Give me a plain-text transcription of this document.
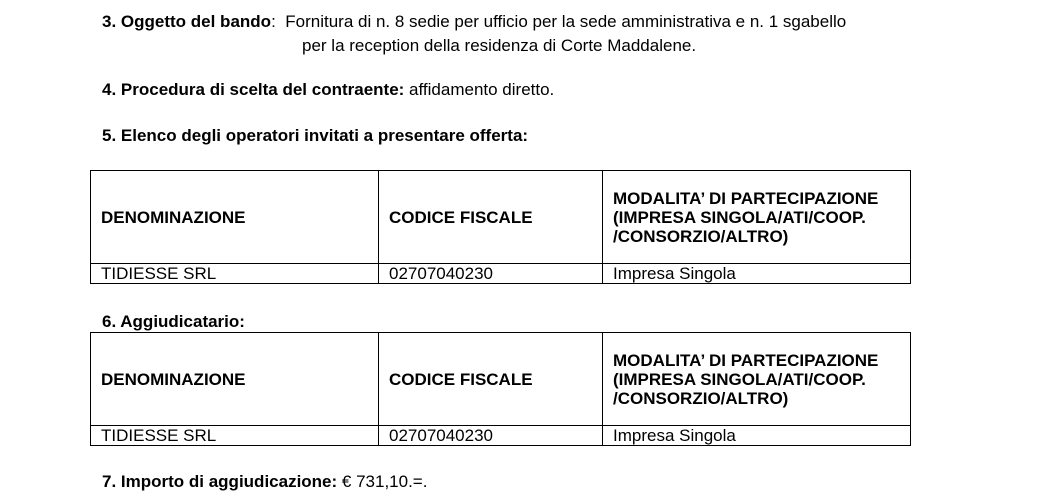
3. Oggetto del bando:  Fornitura di n. 8 sedie per ufficio per la sede amministrativa e n. 1 sgabello
per la reception della residenza di Corte Maddalene.
4. Procedura di scelta del contraente: affidamento diretto.
5. Elenco degli operatori invitati a presentare offerta:
DENOMINAZIONE	CODICE FISCALE	MODALITA’ DI PARTECIPAZIONE (IMPRESA SINGOLA/ATI/COOP. /CONSORZIO/ALTRO)
TIDIESSE SRL	02707040230	Impresa Singola
6. Aggiudicatario:
DENOMINAZIONE	CODICE FISCALE	MODALITA’ DI PARTECIPAZIONE (IMPRESA SINGOLA/ATI/COOP. /CONSORZIO/ALTRO)
TIDIESSE SRL	02707040230	Impresa Singola
7. Importo di aggiudicazione: € 731,10.=.
